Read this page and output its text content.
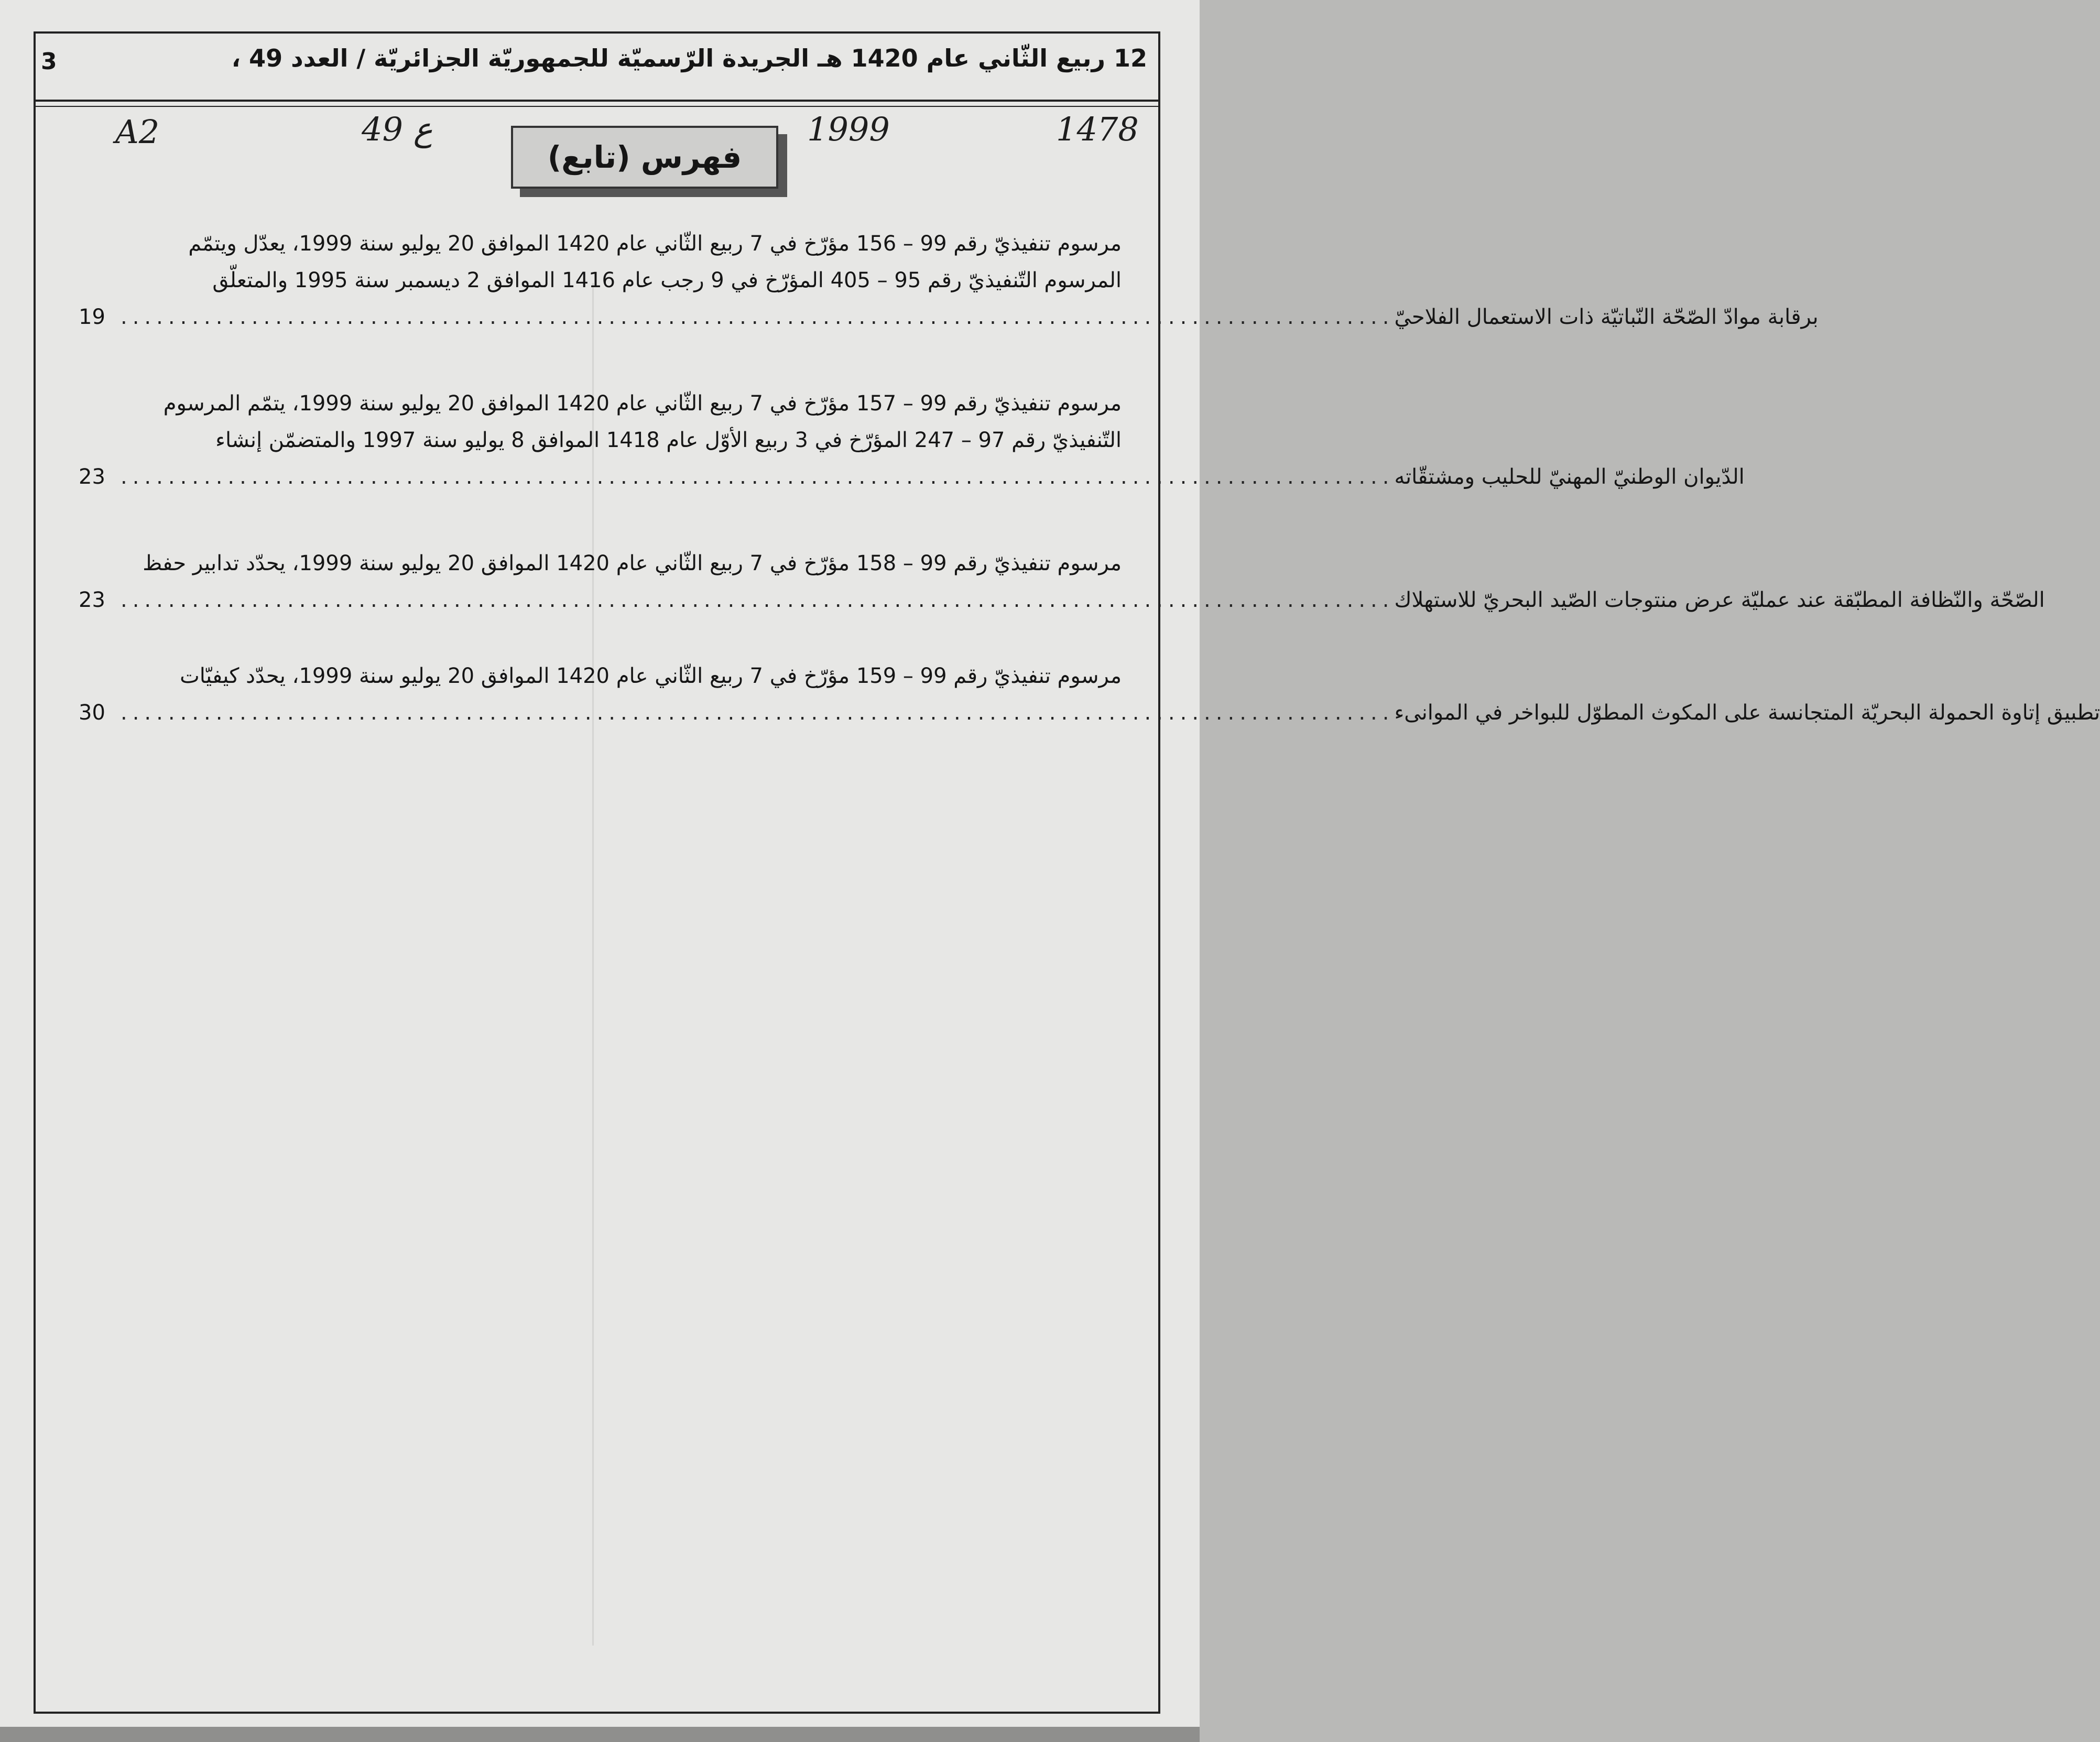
3	12 ربيع الثّاني عام 1420 هـ الجريدة الرّسميّة للجمهوريّة الجزائريّة / العدد 49 ،
A2	ع 49	1999	1478
فهرس (تابع)
مرسوم تنفيذيّ رقم 99 – 156 مؤرّخ في 7 ربيع الثّاني عام 1420 الموافق 20 يوليو سنة 1999، يعدّل ويتمّم
المرسوم التّنفيذيّ رقم 95 – 405 المؤرّخ في 9 رجب عام 1416 الموافق 2 ديسمبر سنة 1995 والمتعلّق
19 ........................................................................................................... برقابة موادّ الصّحّة النّباتيّة ذات الاستعمال الفلاحيّ
مرسوم تنفيذيّ رقم 99 – 157 مؤرّخ في 7 ربيع الثّاني عام 1420 الموافق 20 يوليو سنة 1999، يتمّم المرسوم
التّنفيذيّ رقم 97 – 247 المؤرّخ في 3 ربيع الأوّل عام 1418 الموافق 8 يوليو سنة 1997 والمتضمّن إنشاء
23 ........................................................................................................... الدّيوان الوطنيّ المهنيّ للحليب ومشتقّاته
مرسوم تنفيذيّ رقم 99 – 158 مؤرّخ في 7 ربيع الثّاني عام 1420 الموافق 20 يوليو سنة 1999، يحدّد تدابير حفظ
23 ........................................................................................................... الصّحّة والنّظافة المطبّقة عند عمليّة عرض منتوجات الصّيد البحريّ للاستهلاك
مرسوم تنفيذيّ رقم 99 – 159 مؤرّخ في 7 ربيع الثّاني عام 1420 الموافق 20 يوليو سنة 1999، يحدّد كيفيّات
30 ........................................................................................................... تطبيق إتاوة الحمولة البحريّة المتجانسة على المكوث المطوّل للبواخر في الموانىء
